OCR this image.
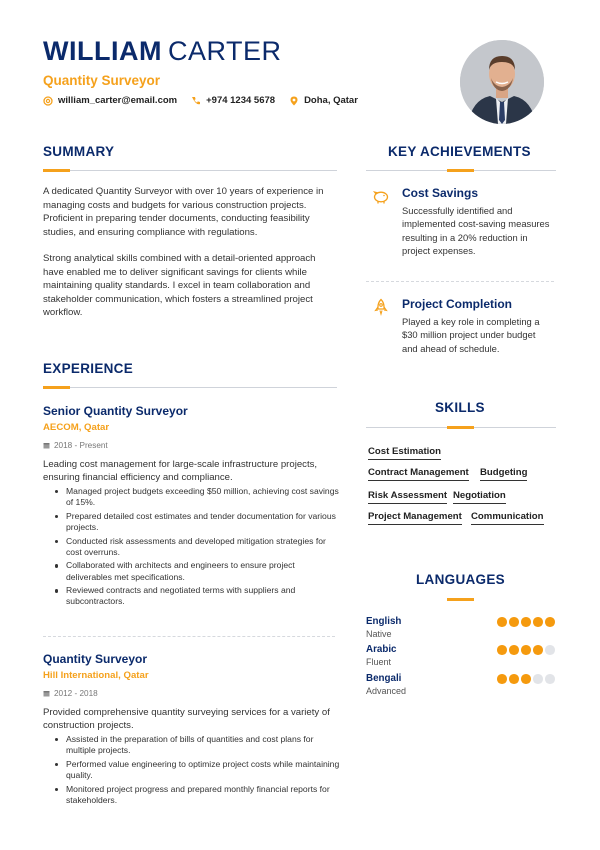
WILLIAM CARTER
Quantity Surveyor
william_carter@email.com	+974 1234 5678	Doha, Qatar
SUMMARY
A dedicated Quantity Surveyor with over 10 years of experience in managing costs and budgets for various construction projects. Proficient in preparing tender documents, conducting feasibility studies, and ensuring compliance with regulations.
Strong analytical skills combined with a detail-oriented approach have enabled me to deliver significant savings for clients while maintaining quality standards. I excel in team collaboration and stakeholder communication, which fosters a streamlined project workflow.
EXPERIENCE
Senior Quantity Surveyor
AECOM, Qatar
2018 - Present
Leading cost management for large-scale infrastructure projects, ensuring financial efficiency and compliance.
Managed project budgets exceeding $50 million, achieving cost savings of 15%.
Prepared detailed cost estimates and tender documentation for various projects.
Conducted risk assessments and developed mitigation strategies for cost overruns.
Collaborated with architects and engineers to ensure project deliverables met specifications.
Reviewed contracts and negotiated terms with suppliers and subcontractors.
Quantity Surveyor
Hill International, Qatar
2012 - 2018
Provided comprehensive quantity surveying services for a variety of construction projects.
Assisted in the preparation of bills of quantities and cost plans for multiple projects.
Performed value engineering to optimize project costs while maintaining quality.
Monitored project progress and prepared monthly financial reports for stakeholders.
KEY ACHIEVEMENTS
Cost Savings
Successfully identified and implemented cost-saving measures resulting in a 20% reduction in project expenses.
Project Completion
Played a key role in completing a $30 million project under budget and ahead of schedule.
SKILLS
Cost Estimation
Contract Management Budgeting
Risk Assessment Negotiation
Project Management Communication
LANGUAGES
English
Native
Arabic
Fluent
Bengali
Advanced
